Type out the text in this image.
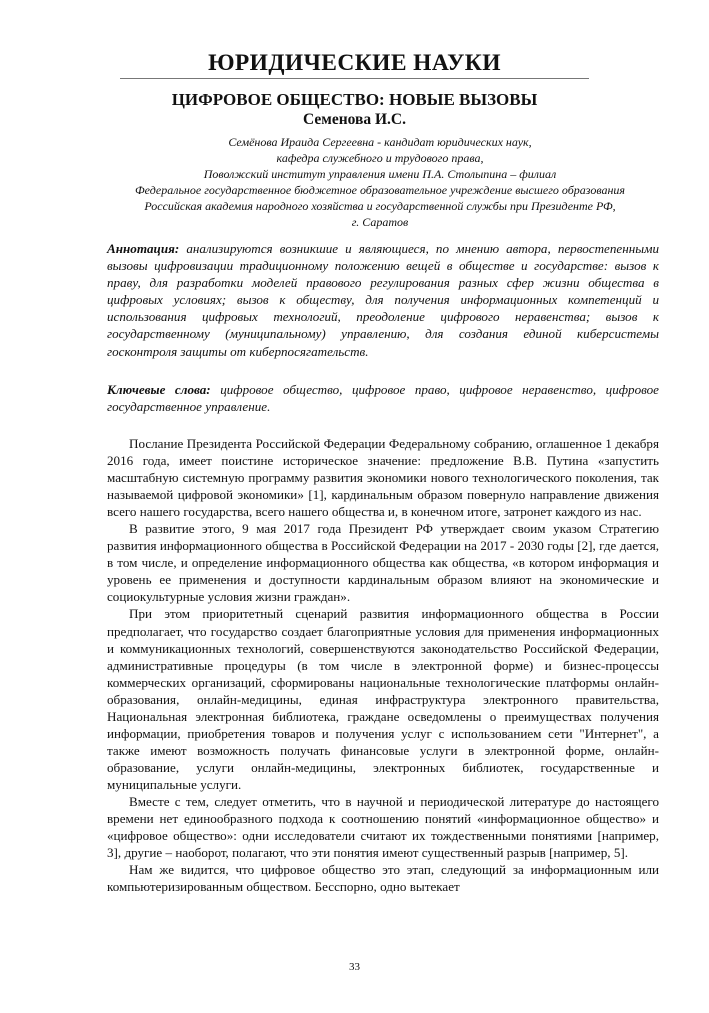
ЮРИДИЧЕСКИЕ НАУКИ
ЦИФРОВОЕ ОБЩЕСТВО: НОВЫЕ ВЫЗОВЫ
Семенова И.С.
Семёнова Ираида Сергеевна - кандидат юридических наук,
кафедра служебного и трудового права,
Поволжский институт управления имени П.А. Столыпина – филиал
Федеральное государственное бюджетное образовательное учреждение высшего образования
Российская академия народного хозяйства и государственной службы при Президенте РФ,
г. Саратов

Аннотация: анализируются возникшие и являющиеся, по мнению автора, первостепенными вызовы цифровизации традиционному положению вещей в обществе и государстве: вызов к праву, для разработки моделей правового регулирования разных сфер жизни общества в цифровых условиях; вызов к обществу, для получения информационных компетенций и использования цифровых технологий, преодоление цифрового неравенства; вызов к государственному (муниципальному) управлению, для создания единой киберсистемы госконтроля защиты от киберпосягательств.

Ключевые слова: цифровое общество, цифровое право, цифровое неравенство, цифровое государственное управление.

Послание Президента Российской Федерации Федеральному собранию, оглашенное 1 декабря 2016 года, имеет поистине историческое значение: предложение В.В. Путина «запустить масштабную системную программу развития экономики нового технологического поколения, так называемой цифровой экономики» [1], кардинальным образом повернуло направление движения всего нашего государства, всего нашего общества и, в конечном итоге, затронет каждого из нас.

В развитие этого, 9 мая 2017 года Президент РФ утверждает своим указом Стратегию развития информационного общества в Российской Федерации на 2017 - 2030 годы [2], где дается, в том числе, и определение информационного общества как общества, «в котором информация и уровень ее применения и доступности кардинальным образом влияют на экономические и социокультурные условия жизни граждан».

При этом приоритетный сценарий развития информационного общества в России предполагает, что государство создает благоприятные условия для применения информационных и коммуникационных технологий, совершенствуются законодательство Российской Федерации, административные процедуры (в том числе в электронной форме) и бизнес-процессы коммерческих организаций, сформированы национальные технологические платформы онлайн-образования, онлайн-медицины, единая инфраструктура электронного правительства, Национальная электронная библиотека, граждане осведомлены о преимуществах получения информации, приобретения товаров и получения услуг с использованием сети "Интернет", а также имеют возможность получать финансовые услуги в электронной форме, онлайн-образование, услуги онлайн-медицины, электронных библиотек, государственные и муниципальные услуги.

Вместе с тем, следует отметить, что в научной и периодической литературе до настоящего времени нет единообразного подхода к соотношению понятий «информационное общество» и «цифровое общество»: одни исследователи считают их тождественными понятиями [например, 3], другие – наоборот, полагают, что эти понятия имеют существенный разрыв [например, 5].

Нам же видится, что цифровое общество это этап, следующий за информационным или компьютеризированным обществом. Бесспорно, одно вытекает

33
